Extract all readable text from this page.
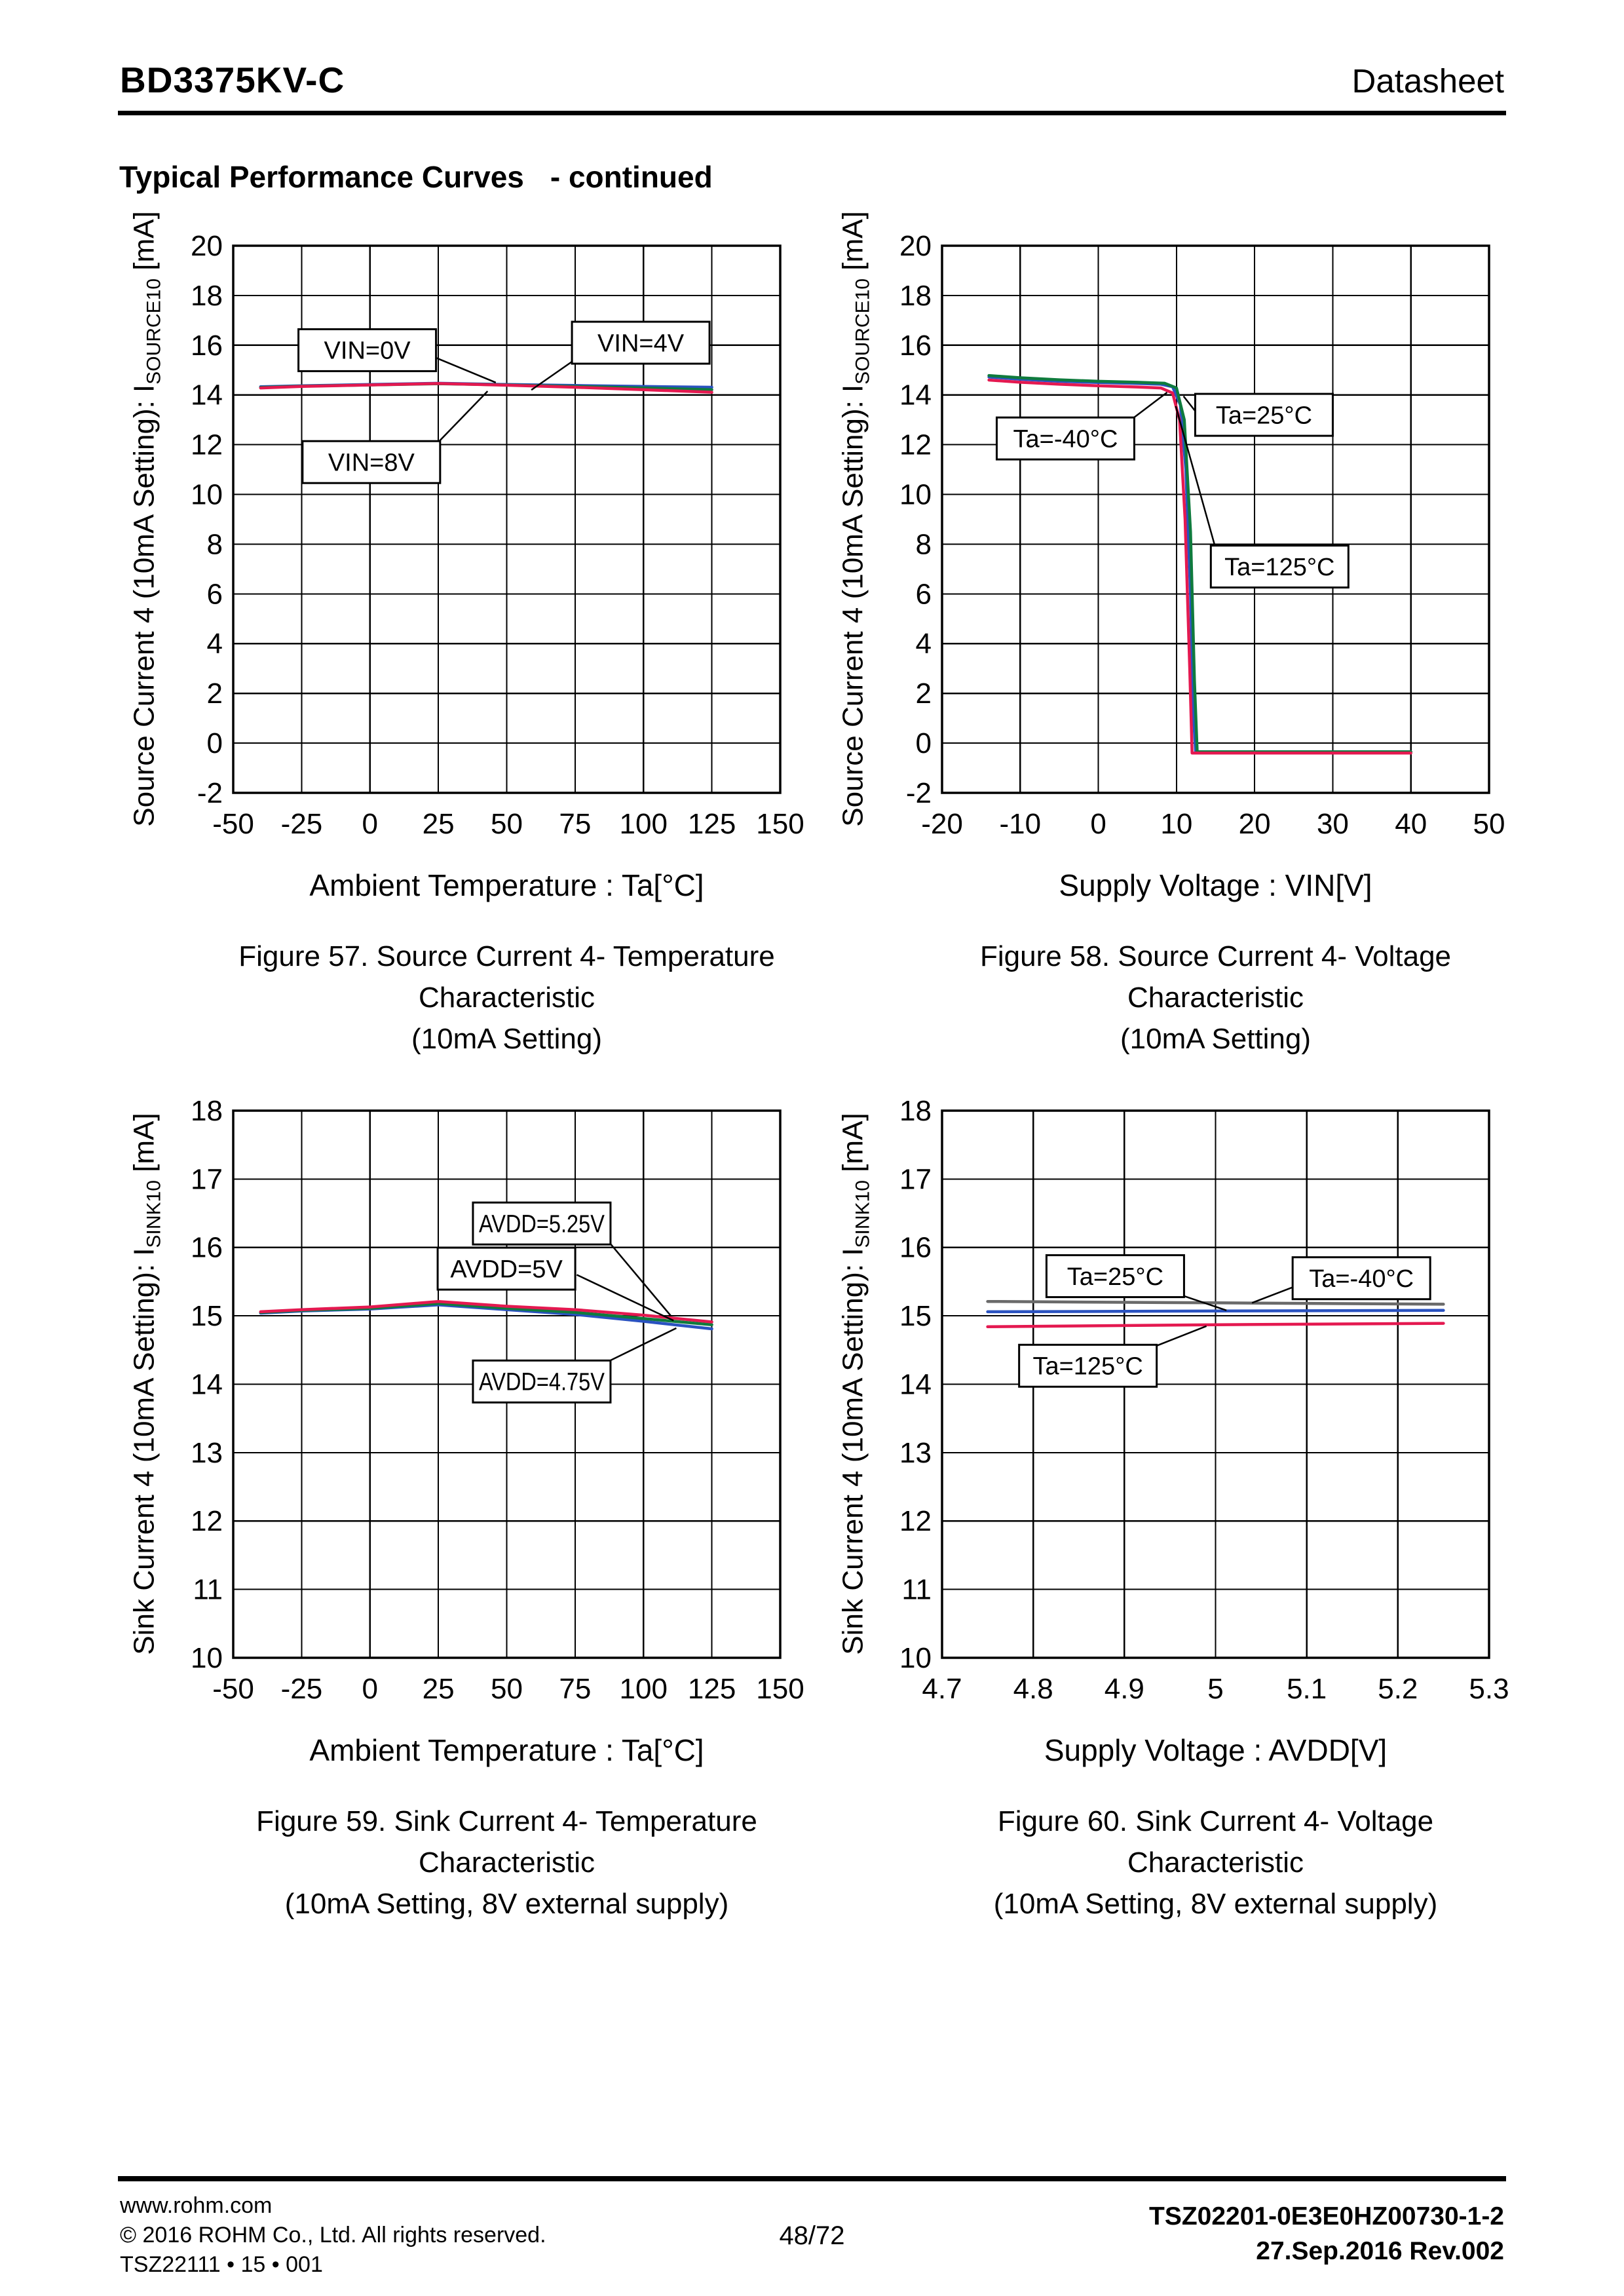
BD3375KV-C	Datasheet
Typical Performance Curves - continued
Source Current 4 (10mA Setting): $I_{SOURCE10}$ [mA]
VIN=0V	VIN=4V
VIN=8V
-50 -25 0 25 50 75 100 125 150
-2
0
2
4
6
8
10
12
14
16
18
20
Ambient Temperature : Ta[°C]
Figure 57. Source Current 4- Temperature Characteristic
(10mA Setting)
Source Current 4 (10mA Setting): $I_{SOURCE10}$ [mA]
Ta=-40°C
Ta=25°C
Ta=125°C
-20 -10 0 10 20 30 40 50
-2
0
2
4
6
8
10
12
14
16
18
20
Supply Voltage : VIN[V]
Figure 58. Source Current 4- Voltage Characteristic
(10mA Setting)
Sink Current 4 (10mA Setting): $I_{SINK10}$ [mA]
AVDD=5.25V
AVDD=5V
AVDD=4.75V
-50 -25 0 25 50 75 100 125 150
10
11
12
13
14
15
16
17
18
Ambient Temperature : Ta[°C]
Figure 59. Sink Current 4- Temperature Characteristic
(10mA Setting, 8V external supply)
Sink Current 4 (10mA Setting): $I_{SINK10}$ [mA]
Ta=25°C	Ta=-40°C
Ta=125°C
4.7 4.8 4.9 5 5.1 5.2 5.3
10
11
12
13
14
15
16
17
18
Supply Voltage : AVDD[V]
Figure 60. Sink Current 4- Voltage Characteristic
(10mA Setting, 8V external supply)
www.rohm.com
© 2016 ROHM Co., Ltd. All rights reserved.
TSZ22111 • 15 • 001
48/72
TSZ02201-0E3E0HZ00730-1-2
27.Sep.2016 Rev.002
